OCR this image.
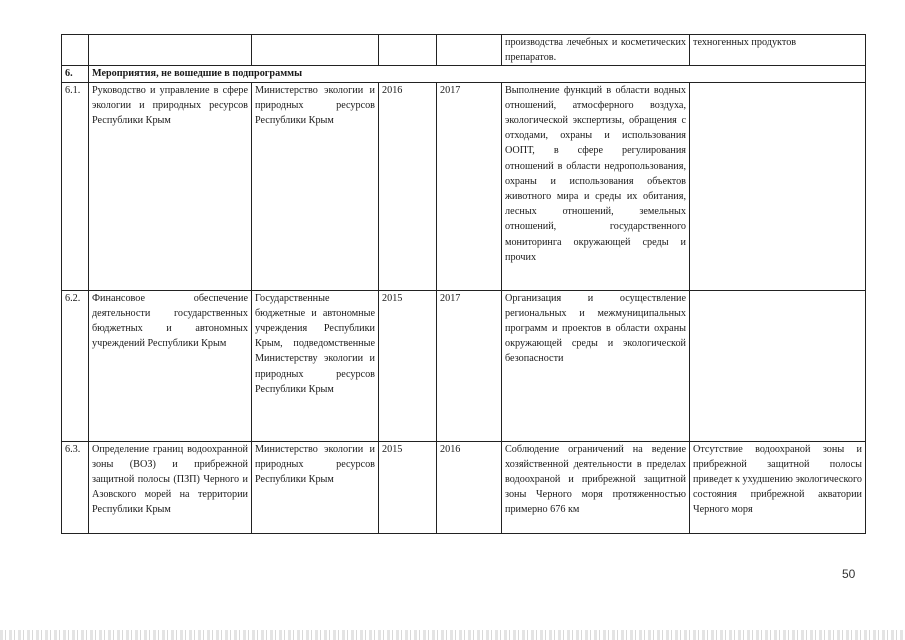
					производства лечебных и косметических препаратов.	техногенных продуктов
6.	Мероприятия, не вошедшие в подпрограммы					
6.1.	Руководство и управление в сфере экологии и природных ресурсов Республики Крым	Министерство экологии и природных ресурсов Республики Крым	2016	2017	Выполнение функций в области водных отношений, атмосферного воздуха, экологической экспертизы, обращения с отходами, охраны и использования ООПТ, в сфере регулирования отношений в области недропользования, охраны и использования объектов животного мира и среды их обитания, лесных отношений, земельных отношений, государственного мониторинга окружающей среды и прочих	
6.2.	Финансовое обеспечение деятельности государственных бюджетных и автономных учреждений Республики Крым	Государственные бюджетные и автономные учреждения Республики Крым, подведомственные Министерству экологии и природных ресурсов Республики Крым	2015	2017	Организация и осуществление региональных и межмуниципальных программ и проектов в области охраны окружающей среды и экологической безопасности	
6.3.	Определение границ водоохранной зоны (ВОЗ) и прибрежной защитной полосы (ПЗП) Черного и Азовского морей на территории Республики Крым	Министерство экологии и природных ресурсов Республики Крым	2015	2016	Соблюдение ограничений на ведение хозяйственной деятельности в пределах водоохраной и прибрежной защитной зоны Черного моря протяженностью примерно 676 км	Отсутствие водоохраной зоны и прибрежной защитной полосы приведет к ухудшению экологического состояния прибрежной акватории Черного моря
50
